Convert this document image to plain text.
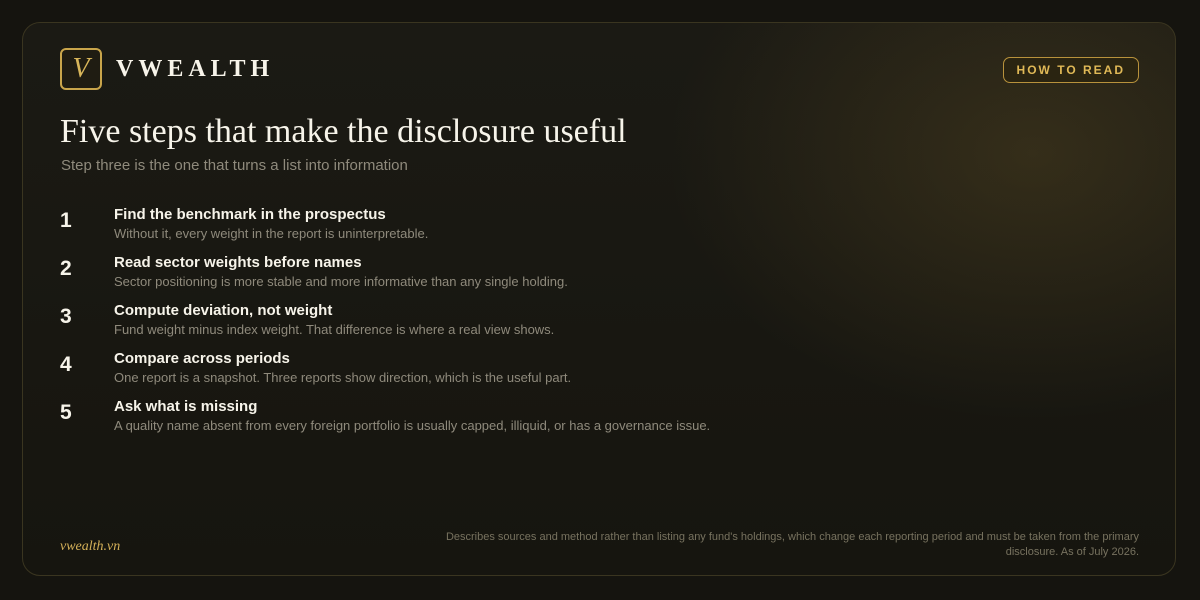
V	VWEALTH	HOW TO READ
Five steps that make the disclosure useful
Step three is the one that turns a list into information
1	Find the benchmark in the prospectus
Without it, every weight in the report is uninterpretable.
2	Read sector weights before names
Sector positioning is more stable and more informative than any single holding.
3	Compute deviation, not weight
Fund weight minus index weight. That difference is where a real view shows.
4	Compare across periods
One report is a snapshot. Three reports show direction, which is the useful part.
5	Ask what is missing
A quality name absent from every foreign portfolio is usually capped, illiquid, or has a governance issue.
vwealth.vn
Describes sources and method rather than listing any fund's holdings, which change each reporting period and must be taken from the primary disclosure. As of July 2026.
